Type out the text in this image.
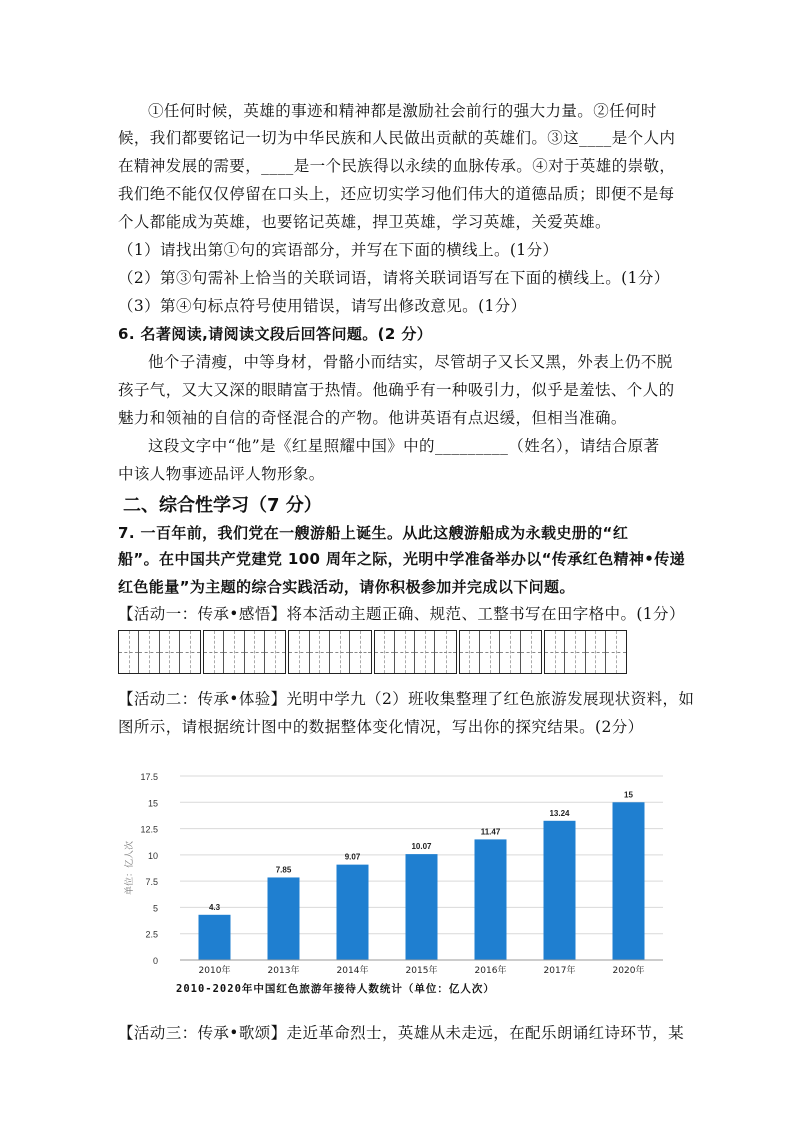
①任何时候，英雄的事迹和精神都是激励社会前行的强大力量。②任何时
候，我们都要铭记一切为中华民族和人民做出贡献的英雄们。③这____是个人内
在精神发展的需要，____是一个民族得以永续的血脉传承。④对于英雄的崇敬，
我们绝不能仅仅停留在口头上，还应切实学习他们伟大的道德品质；即便不是每
个人都能成为英雄，也要铭记英雄，捍卫英雄，学习英雄，关爱英雄。
（1）请找出第①句的宾语部分，并写在下面的横线上。(1分）
（2）第③句需补上恰当的关联词语，请将关联词语写在下面的横线上。(1分）
（3）第④句标点符号使用错误，请写出修改意见。(1分）
6. 名著阅读,请阅读文段后回答问题。(2 分）
他个子清瘦，中等身材，骨骼小而结实，尽管胡子又长又黑，外表上仍不脱
孩子气，又大又深的眼睛富于热情。他确乎有一种吸引力，似乎是羞怯、个人的
魅力和领袖的自信的奇怪混合的产物。他讲英语有点迟缓，但相当准确。
这段文字中“他”是《红星照耀中国》中的_________（姓名），请结合原著
中该人物事迹品评人物形象。
二、综合性学习（7 分）
7. 一百年前，我们党在一艘游船上诞生。从此这艘游船成为永载史册的“红
船”。在中国共产党建党 100 周年之际，光明中学准备举办以“传承红色精神•传递
红色能量”为主题的综合实践活动，请你积极参加并完成以下问题。
【活动一：传承•感悟】将本活动主题正确、规范、工整书写在田字格中。(1分）
【活动二：传承•体验】光明中学九（2）班收集整理了红色旅游发展现状资料，如
图所示，请根据统计图中的数据整体变化情况，写出你的探究结果。(2分）
0
2.5
5
7.5
10
12.5
15
17.5
单位：亿人次
4.3
2010年
7.85
2013年
9.07
2014年
10.07
2015年
11.47
2016年
13.24
2017年
15
2020年
2010-2020年中国红色旅游年接待人数统计（单位：亿人次）
【活动三：传承•歌颂】走近革命烈士，英雄从未走远，在配乐朗诵红诗环节，某
